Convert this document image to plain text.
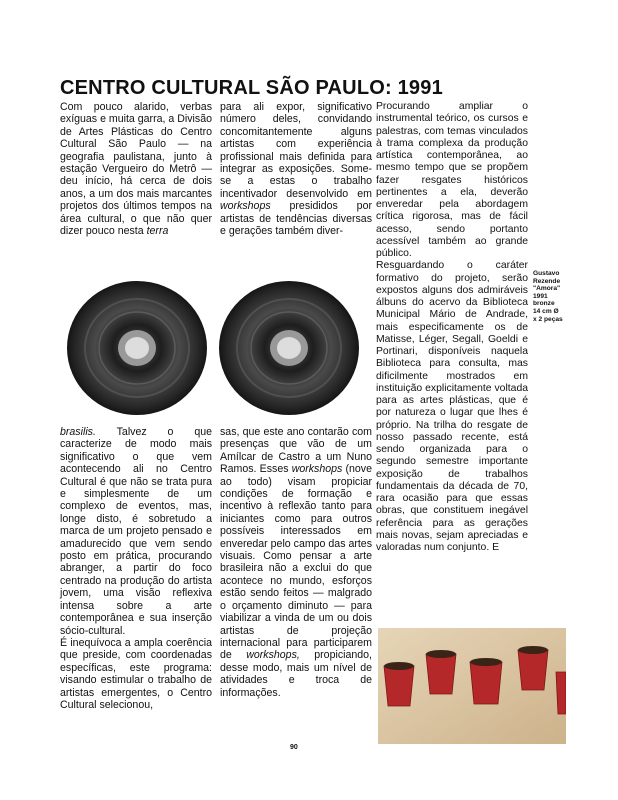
CENTRO CULTURAL SÃO PAULO: 1991

Com pouco alarido, verbas exíguas e muita garra, a Divisão de Artes Plásticas do Centro Cultural São Paulo — na geografia paulistana, junto à estação Vergueiro do Metrô — deu início, há cerca de dois anos, a um dos mais marcantes projetos dos últimos tempos na área cultural, o que não quer dizer pouco nesta terra

para ali expor, significativo número deles, convidando concomitantemente alguns artistas com experiência profissional mais definida para integrar as exposições. Some-se a estas o trabalho incentivador desenvolvido em workshops presididos por artistas de tendências diversas e gerações também diver-

Procurando ampliar o instrumental teórico, os cursos e palestras, com temas vinculados à trama complexa da produção artística contemporânea, ao mesmo tempo que se propõem fazer resgates históricos pertinentes a ela, deverão enveredar pela abordagem crítica rigorosa, mas de fácil acesso, sendo portanto acessível também ao grande público.

Resguardando o caráter formativo do projeto, serão expostos alguns dos admiráveis álbuns do acervo da Biblioteca Municipal Mário de Andrade, mais especificamente os de Matisse, Léger, Segall, Goeldi e Portinari, disponíveis naquela Biblioteca para consulta, mas dificilmente mostrados em instituição explicitamente voltada para as artes plásticas, que é por natureza o lugar que lhes é próprio. Na trilha do resgate de nosso passado recente, está sendo organizada para o segundo semestre importante exposição de trabalhos fundamentais da década de 70, rara ocasião para que essas obras, que constituem inegável referência para as gerações mais novas, sejam apreciadas e valoradas num conjunto. E

Gustavo
Rezende
"Amora"
1991
bronze
14 cm Ø
x 2 peças

brasilis. Talvez o que caracterize de modo mais significativo o que vem acontecendo ali no Centro Cultural é que não se trata pura e simplesmente de um complexo de eventos, mas, longe disto, é sobretudo a marca de um projeto pensado e amadurecido que vem sendo posto em prática, procurando abranger, a partir do foco centrado na produção do artista jovem, uma visão reflexiva intensa sobre a arte contemporânea e sua inserção sócio-cultural.

É inequívoca a ampla coerência que preside, com coordenadas específicas, este programa: visando estimular o trabalho de artistas emergentes, o Centro Cultural selecionou,

sas, que este ano contarão com presenças que vão de um Amílcar de Castro a um Nuno Ramos. Esses workshops (nove ao todo) visam propiciar condições de formação e incentivo à reflexão tanto para iniciantes como para outros possíveis interessados em enveredar pelo campo das artes visuais. Como pensar a arte brasileira não a exclui do que acontece no mundo, esforços estão sendo feitos — malgrado o orçamento diminuto — para viabilizar a vinda de um ou dois artistas de projeção internacional para participarem de workshops, propiciando, desse modo, mais um nível de atividades e troca de informações.

90
